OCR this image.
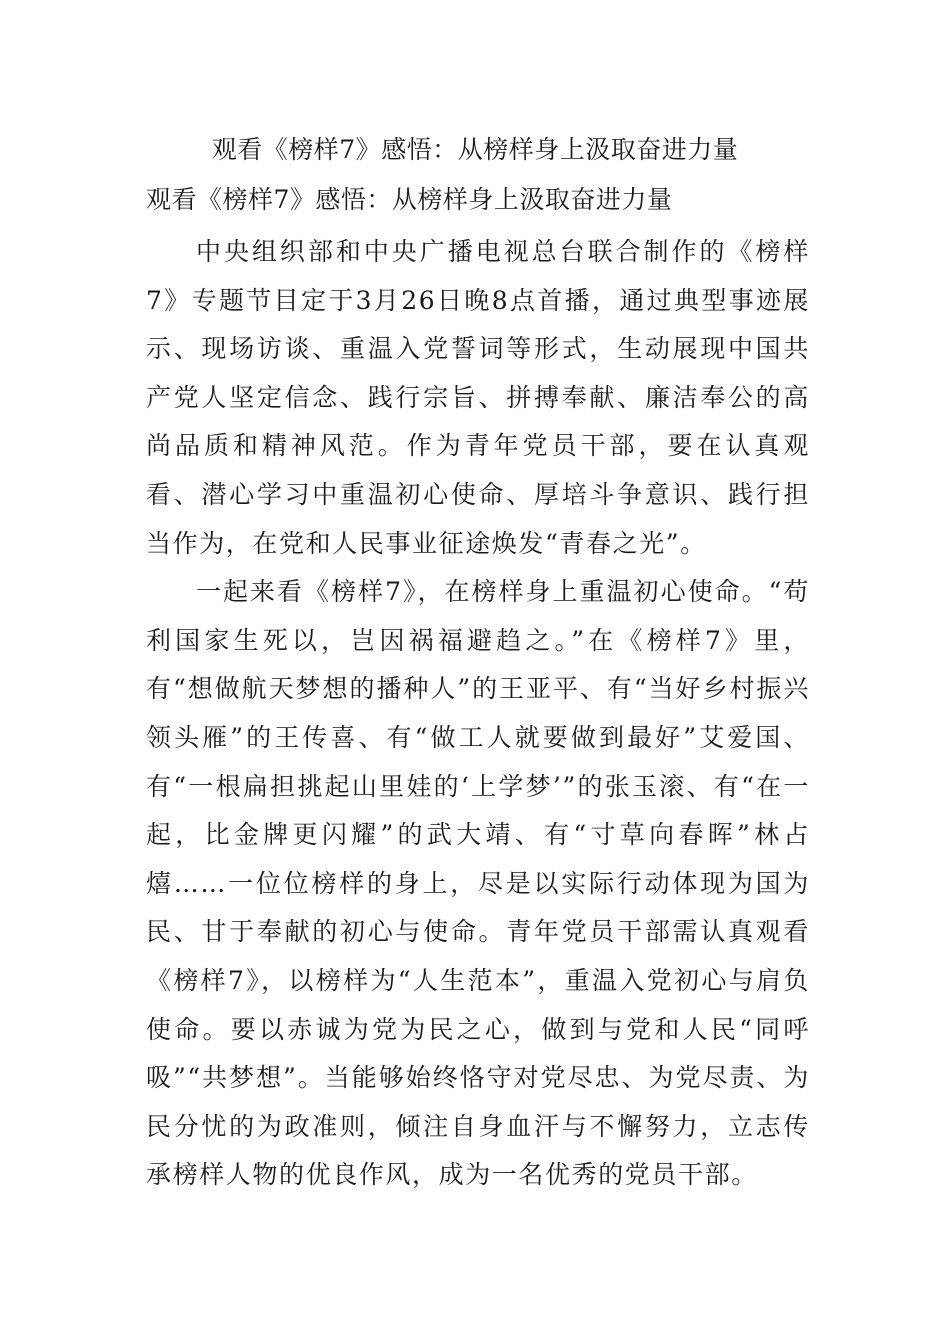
观看《榜样7》感悟：从榜样身上汲取奋进力量
观看《榜样7》感悟：从榜样身上汲取奋进力量

中央组织部和中央广播电视总台联合制作的《榜样7》专题节目定于3月26日晚8点首播，通过典型事迹展示、现场访谈、重温入党誓词等形式，生动展现中国共产党人坚定信念、践行宗旨、拼搏奉献、廉洁奉公的高尚品质和精神风范。作为青年党员干部，要在认真观看、潜心学习中重温初心使命、厚培斗争意识、践行担当作为，在党和人民事业征途焕发“青春之光”。

一起来看《榜样7》，在榜样身上重温初心使命。“苟利国家生死以，岂因祸福避趋之。”在《榜样7》里，有“想做航天梦想的播种人”的王亚平、有“当好乡村振兴领头雁”的王传喜、有“做工人就要做到最好”艾爱国、有“一根扁担挑起山里娃的‘上学梦’”的张玉滚、有“在一起，比金牌更闪耀”的武大靖、有“寸草向春晖”林占熺……一位位榜样的身上，尽是以实际行动体现为国为民、甘于奉献的初心与使命。青年党员干部需认真观看《榜样7》，以榜样为“人生范本”，重温入党初心与肩负使命。要以赤诚为党为民之心，做到与党和人民“同呼吸”“共梦想”。当能够始终恪守对党尽忠、为党尽责、为民分忧的为政准则，倾注自身血汗与不懈努力，立志传承榜样人物的优良作风，成为一名优秀的党员干部。
